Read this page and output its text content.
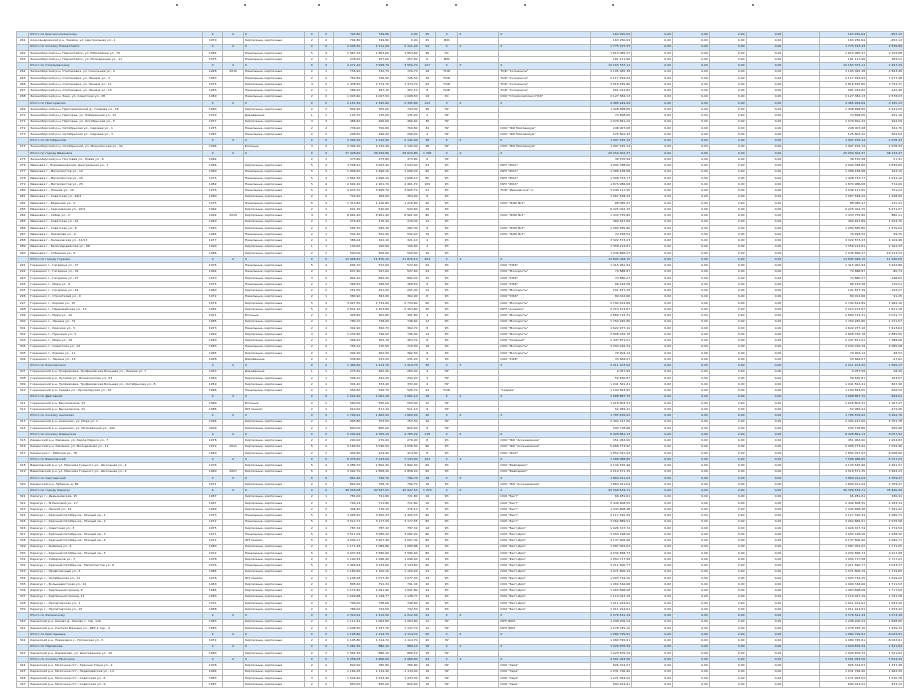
	Итого по Красносопкинскому	X	X	X	X	X	792,80	749,80	0,00	45	X	X	X	163 250,64	0,00	0,00	0,00	0,00		163 250,64	-653,12
261	Александровский р-н, Заимка, ул. Центральная ул., 1	1970		Кирпичные, кирпичные	2	2	792,80	749,80	0,00	45	МЖ			163 250,64	0,00	0,00	0,00	0,00		163 250,64	-653,12
	Итого по поселку Новоалтайск	X	X	X	X	X	2 245,30	2 111,20	2 111,20	54	X	X	X	1 775 197,33	0,00	0,00	0,00	0,00		1 775 197,33	2 535,89
262	Зеленоборский р-н, Новоалтайск, ул. Юбилейная ул., 76	1982		Панельные, кирпичные	5	4	1 967,10	1 853,60	1 853,60	48	ЭС			1 614 085,37	0,00	0,00	0,00	0,00		1 614 085,37	2 152,88
263	Зеленоборский р-н, Новоалтайск, ул. Молодежная ул., 11	1975		Панельные, кирпичные	2	1	278,20	257,60	257,60	6	МЖ			161 111,96	0,00	0,00	0,00	0,00		161 111,96	383,01
	Итого по Степановскому	X	X	X	X	X	4 271,20	3 958,70	3 559,70	127	X	X	X	10 163 337,11	0,00	0,00	0,00	0,00		10 163 337,11	2 497,34
264	Зеленоборский р-н, Степановка, ул. Сокольная ул., 4	1948	2010	Панельные, кирпичные	2	1	756,90	720,70	720,70	16	ТСЖ		ТСЖ "Солнечное"	2 195 065,38	0,00	0,00	0,00	0,00		2 195 065,38	2 893,48
265	Зеленоборский р-н, Степановка, ул. Ленина ул., 3	1963		Панельные, кирпичные	2	2	752,80	726,50	726,50	16	ТСЖ		ТСЖ "Солнечное"	2 117 294,93	0,00	0,00	0,00	0,00		2 117 294,93	1 277,48
266	Зеленоборский р-н, Степановка, ул. Ленина ул., 11	1975		Кирпичные, кирпичные	4	3	1 438,50	1 374,70	1 374,70	64	ТСЖ		ТСЖ "Солнечное"	3 816 595,80	0,00	0,00	0,00	0,00		3 816 595,80	3 752,37
267	Зеленоборский р-н, Степановка, ул. Ленина ул., 15	1963		Панельные, кирпичные	2	1	386,20	367,10	367,10	8	ТСЖ		ТСЖ "Солнечное"	901 012,82	0,00	0,00	0,00	0,00		901 012,82	-122,46
268	Зеленоборский р-н, Заня, ул. Советская ул., 28	1980		Панельные, кирпичные	2	2	1 003,60	1 007,50	1 008,50	16	ЭС		ООО "Стройкомплекс-НСК"	2 127 382,13	0,00	0,00	0,00	0,00		2 127 382,13	2 578,03
	Итого по Пригоряково	X	X	X	X	X	2 151,50	2 395,60	2 395,60	122	X	X	X	4 485 929,09	0,00	0,00	0,00	0,00		4 485 929,09	-3 325,13
269	Зеленоборский р-н, Пригоряковский д., Главная ул., 18	1980		Кирпичные, кирпичные	2	2	802,90	765,00	744,00	48	НУ			1 408 898,85	0,00	0,00	0,00	0,00		1 408 898,85	2 441,09
270	Зеленоборский р-н, Пригорье, ул. Набережная ул., 13	1979		Деревянные	1	1	124,70	135,00	135,00	2	НУ			74 898,65	0,00	0,00	0,00	0,00		74 898,65	-341,19
271	Зеленоборский р-н, Пригорье, ул. Октябрьская ул., 5	1977		Кирпичные, кирпичные	3	3	486,60	466,60	466,60	36	НУ			1 079 661,24	0,00	0,00	0,00	0,00		1 079 661,24	942,59
272	Зеленоборский р-н, Октябрьская ул., Садовая ул., 1	1975		Панельные, кирпичные	2	2	736,90	700,80	700,80	32	НУ		ООО "ЖК Миллениум"	248 007,08	0,00	0,00	0,00	0,00		248 007,08	322,76
273	Зеленоборский р-н, Октябрьская ул., Садовая ул., 3	1987		Панельные, кирпичные	2	2	298,50	296,20	296,20	4	НУ		ООО "ЖК Миллениум"	125 802,42	0,00	0,00	0,00	0,00		125 802,42	502,64
	Итого по Октябрьским	X	X	X	X	X	2 394,20	2 142,40	2 142,40	38	X	X	X	1 997 225,14	0,00	0,00	0,00	0,00		1 997 225,14	-1 978,43
274	Зеленоборский р-н, Октябрьский, ул. Минусинская ул., 3а	1996		Блочные	3	3	2 394,20	2 142,40	2 142,40	38	НУ		ООО "ЖК Миллениум"	1 997 225,14	0,00	0,00	0,00	0,00		1 997 225,14	-1 978,43
	Итого по городу Ивановка	X	X	X	X	X	37 428,60	36 634,80	36 634,80	1 394	X	X	X	26 059 302,37	0,00	0,00	0,00	0,00		26 059 302,37	48 133,47
275	Зеленоборский р-н, Почтовая ул., Новая ул., 6	1982			2	1	373,80	373,80	373,80	6	НУ			38 570,58	0,00	0,00	0,00	0,00		38 570,58	57,41
276	Ивановка г. Новоивановский, Центральная ул., 1	1966		Кирпичные, кирпичные	5	4	3 508,10	3 043,40	3 043,40	64	УК		МУП "ЖКХ"	4 990 788,60	0,00	0,00	0,00	0,00		4 990 788,60	3 835,65
277	Ивановка г., Металлистов ул., 12	1980		Панельные, кирпичные	5	4	1 808,20	1 696,20	1 696,20	80	УК		МУП "ЖКХ"	1 388 438,98	0,00	0,00	0,00	0,00		1 388 438,98	322,15
278	Ивановка г., Металлистов ул., 16	1975		Панельные, кирпичные	5	4	1 861,50	1 696,10	1 696,10	80	УК		МУП "ЖКХ"	1 408 723,77	0,00	0,00	0,00	0,00		1 408 723,77	1 012,10
279	Ивановка г., Металлистов ул., 25	1982		Панельные, кирпичные	5	4	2 692,20	2 461,70	2 461,70	100	УК		МУП "ЖКХ"	1 874 986,08	0,00	0,00	0,00	0,00		1 874 986,08	572,60
280	Ивановка г., Ленина ул., 10	1976		Панельные, кирпичные	5	4	4 033,70	3 895,70	3 895,70	21	УК		ТСЖ "Ивановское" сс	3 049 111,95	0,00	0,00	0,00	0,00		3 049 111,95	751,24
281	Ивановка г., Советская ул., 46/2	1980		Кирпичные, кирпичные	2	2	722,60	364,00	364,00	8	УК			1 067 548,22	0,00	0,00	0,00	0,00		1 067 548,22	1 298,94
282	Ивановка г., Баранова ул., 5	1975		Панельные, кирпичные	5	4	1 313,80	1 216,80	1 216,80	40	УК		ООО "ЖЭК №3"	88 085,47	0,00	0,00	0,00	0,00		88 085,47	-131,41
283	Ивановка г., Сергиевская ул., 10/3	1962		Кирпичные, кирпичные	2	1	621,30	520,60	520,60	16	УК			6 225 022,15	0,00	0,00	0,00	0,00		6 225 022,15	6 471,07
284	Ивановка г., Сибир ул., 2	1992	2010	Кирпичные, кирпичные	4	2	8 961,40	8 961,40	8 961,40	80	УК		ООО "ЖЭК №3"	1 433 755,80	0,00	0,00	0,00	0,00		1 433 755,80	880,11
285	Ивановка г., Советская ул., 42	1960		Кирпичные, кирпичные	2	1	276,40	276,40	276,40	14	УК			469 627,89	0,00	0,00	0,00	0,00		469 627,89	1 224,70
286	Ивановка г., Советская ул., 8	1963		Кирпичные, кирпичные	2	2	282,30	282,30	282,30	8	УК		ООО "ЖЭК №3"	1 260 585,80	0,00	0,00	0,00	0,00		1 260 585,80	-1 479,09
287	Ивановка г., Нахимова ул., 9	1964		Панельные, кирпичные	2	1	502,40	502,40	502,40	16	УК		ООО "ЖЭК №3"	79 298,52	0,00	0,00	0,00	0,00		79 298,52	99,35
288	Ивановка г., Калиновская ул., 12/13	1977		Панельные, кирпичные	2	1	386,02	321,10	321,10	4	УК			3 322 573,23	0,00	0,00	0,00	0,00		3 322 573,23	4 104,98
289	Ивановка г., Белогвардейская ул., 88	1990		Кирпичные, кирпичные	1	1	100,60	100,60	100,60	2	УК			1 358 214,81	0,00	0,00	0,00	0,00		1 358 214,81	2 164,43
290	Ивановка г., Соборная ул., 6	1986		Кирпичные, кирпичные	2	1	500,00	500,00	500,00	16	УК			1 036 896,27	0,00	0,00	0,00	0,00		1 036 896,27	-18 123,23
	Итого по городу Горенки	X	X	X	X	X	12 906,20	11 870,10	11 870,10	254	X	X	X	13 895 048,15	0,00	0,00	0,00	0,00		13 895 048,15	11 240,05
291	Горенинск г., Гагарина ул., 37	1975		Панельные, кирпичные	5	4	604,70	572,60	572,60	20	УК		ООО "УЖК"	1 415 061,94	0,00	0,00	0,00	0,00		1 415 061,94	3 442,86
292	Горенинск г., Гагарина ул., 39	1964		Панельные, кирпичные	2	1	647,60	597,60	597,60	24	УК		ООО "Молодость"	70 888,87	0,00	0,00	0,00	0,00		70 888,87	-80,74
293	Горенинск г., Гагарина ул., 27	1970		Кирпичные, кирпичные	3	3	892,20	892,20	892,20	32	УК		ООО "УЖК"	73 880,27	0,00	0,00	0,00	0,00		73 880,27	-198,63
294	Горенинск г., Мира ул., 6	1975		Панельные, кирпичные	2	1	366,50	366,50	366,50	8	УК		ООО "УЖК"	68 242,58	0,00	0,00	0,00	0,00		68 242,58	115,51
295	Горенинск г., Гагарина ул., 44	1960		Кирпичные, кирпичные	2	2	251,00	251,00	251,00	12	УК		ООО "Молодость"	101 877,39	0,00	0,00	0,00	0,00		101 877,39	-153,27
296	Горенинск г., Строителей ул., 9	1972		Панельные, кирпичные	2	1	380,90	362,90	362,90	8	УК		ООО "УЖК"	80 012,66	0,00	0,00	0,00	0,00		80 012,66	91,25
297	Горенинск г., Кирова ул., 15	1976		Кирпичные, кирпичные	5	4	3 027,50	2 734,60	2 734,60	60	УК		ООО "Молодость"	2 794 614,89	0,00	0,00	0,00	0,00		2 794 614,89	1 982,16
298	Горенинск г., Первомайская ул., 13	1982		Кирпичные, кирпичные	5	4	2 641,10	2 453,80	2 453,80	40	УК		МУП "Аскемен"	2 214 473,87	0,00	0,00	0,00	0,00		2 214 473,87	1 811,18
299	Горенинск г., Мира ул., 10	1971		Блочные	2	1	405,60	361,80	361,80	4	УК		ООО "Молодость"	2 869 712,31	0,00	0,00	0,00	0,00		2 869 712,31	3 011,77
300	Горенинск г., Ленина ул., 31	1985		Кирпичные, кирпичные	2	1	780,70	748,60	748,60	12	УК		ООО "Молодость"	1 764 945,80	0,00	0,00	0,00	0,00		1 764 945,80	1 271,57
301	Горенинск г., Красина ул., 5	1973		Панельные, кирпичные	2	1	391,90	362,70	362,70	8	УК		ООО "Молодость"	1 622 977,10	0,00	0,00	0,00	0,00		1 622 977,10	7 413,63
302	Горенинск г., Пушкина ул., 5	1969		Кирпичные, кирпичные	3	2	1 232,80	796,00	796,00	14	УК		ООО "Молодость"	2 808 032,78	0,00	0,00	0,00	0,00		2 808 032,78	2 885,65
303	Горенинск г., Мира ул., 18	1960		Кирпичные, кирпичные	2	1	396,50	363,70	363,70	8	УК		ООО "Зеленый"	2 447 871,01	0,00	0,00	0,00	0,00		2 447 871,01	7 188,06
304	Горенинск г., Советская ул., 13	1983		Панельные, кирпичные	2	2	755,10	710,50	710,50	16	УК		ООО "Молодость"	3 204 016,34	0,00	0,00	0,00	0,00		3 204 016,34	4 085,08
305	Горенинск г., Кирова ул., 11	1965		Кирпичные, кирпичные	2	1	392,40	362,50	362,50	8	УК		ООО "Молодость"	79 904,14	0,00	0,00	0,00	0,00		79 904,14	-48,54
306	Горенинск г., Ленина ул., 15	1958		Деревянные	2	1	338,60	231,20	231,20	6	УК		ООО "УЖК"	33 684,07	0,00	0,00	0,00	0,00		33 684,07	-27,62
	Итого по Комсомольск	X	X	X	X	X	1 484,60	1 414,70	1 414,70	36	X	X	X	2 211 103,92	0,00	0,00	0,00	0,00		2 211 103,92	1 595,17
307	Горенинский р-н, Трофимовка, Трофимовская Большая ул., Ленина ул. 7	1953		Деревянные	1	1	275,60	262,40	262,40	4	НУ			9 057,99	0,00	0,00	0,00	0,00		9 057,99	28,40
308	Горенинский р-н, Луговая ул., Вознесенская ул., 63	1960		Кирпичные, кирпичные	2	1	308,10	292,20	292,20	4	НУ			59 630,87	0,00	0,00	0,00	0,00		59 630,87	103,07
309	Горенинский р-н, Трофимовка, Трофимовская Большая ул., Октябрьская ул., 8	1959		Кирпичные, кирпичные	2	1	344,40	333,40	333,40	4	НУ			1 041 591,41	0,00	0,00	0,00	0,00		1 041 591,41	847,36
310	Горенинский р-н, Седова ул., Пролетарская ул., 34	1966		Панельные, кирпичные	2	1	556,50	526,70	526,70	24	ТСЖ		"Седова"	1 100 823,65	0,00	0,00	0,00	0,00		1 100 823,65	616,34
	Итого по Двиговкам	X	X	X	X	X	1 222,40	1 061,10	1 061,10	18	X	X	X	1 068 887,72	0,00	0,00	0,00	0,00		1 068 887,72	694,01
311	Горенинский р-н, Высоковские, 23	1980		Блочные	2	1	560,00	550,00	550,00	12	НУ			1 016 803,31	0,00	0,00	0,00	0,00		1 016 803,31	1 167,47
312	Горенинский р-н, Высоковские, 21	1986		ЖЗ панели	2	1	610,00	511,10	511,10	6	НУ			52 084,41	0,00	0,00	0,00	0,00		52 084,41	-473,46
	Итого по поселку Аничково	X	X	X	X	X	1 790,41	1 800,50	1 800,50	30	X	X	X	1 785 876,02	0,00	0,00	0,00	0,00		1 785 876,02	5 262,76
313	Горенинский р-н, Аничково, ул. Мира ул. 1	1996		Кирпичные, кирпичные	2	1	995,80	753,50	753,50	16	НУ			2 494 147,06	0,00	0,00	0,00	0,00		2 494 147,06	4 761,78
314	Горенинский р-н, Аничково, ул. Молодёжная ул., 19А	2009		Кирпичные, кирпичные	2	1	800,00	800,00	800,00	8	НУ			294 718,86	0,00	0,00	0,00	0,00		294 718,86	500,98
	Итого по поселку Каменское	X	X	X	X	X	5 202,69	4 765,29	4 765,29	118	X	X	X	8 428 861,13	0,00	0,00	0,00	0,00		8 428 861,13	8 057,52
315	Каменский р-н, Каменка, ул. Карла Маркса ул., 7	1978		Кирпичные, кирпичные	2	2	290,00	270,00	270,00	8	УК		ООО "ЖК "Аскенемение"	451 063,00	0,00	0,00	0,00	0,00		451 063,00	1 204,83
316	Каменский р-н, Каменка, ул. Молодежная ул., 11	1972	2011	Кирпичные, кирпичные	5	4	3 169,50	3 036,50	3 036,50	80	УК		ООО "ЖК "Аскенемение"	5 968 773,92	0,00	0,00	0,00	0,00		5 968 773,92	7 032,96
317	Каменское г., Рабочая ул., 78	1960		Кирпичные, кирпичные	2	1	442,60	414,90	414,90	8	УК		ООО "ЖСУ"	1 852 037,93	0,00	0,00	0,00	0,00		1 852 037,93	-6 008,90
	Итого по Вавиловский	X	X	X	X	X	8 076,50	7 143,00	7 143,00	152	X	X	X	7 568 988,85	0,00	0,00	0,00	0,00		7 568 988,85	6 757,23
318	Вавиловский р-н, ул. Максима Горького ул., Школьная ул., 2	1976		Кирпичные, кирпичные	5	4	3 086,70	2 892,40	2 892,40	60	УК		ООО "ВавСервис"	2 134 525,96	0,00	0,00	0,00	0,00		2 134 525,96	2 461,57
319	Вавиловский р-н, ул. Максима Горького ул., Школьная ул., 4	1980	2007	Кирпичные, кирпичные	5	4	3 092,70	2 858,20	2 858,20	60	УК		ООО "ВавСервис"	4 519 571,35	0,00	0,00	0,00	0,00		4 519 571,35	3 562,23
	Итого по Сергиевский	X	X	X	X	X	861,60	796,70	796,70	16	X	X	X	1 860 911,04	0,00	0,00	0,00	0,00		1 860 911,04	2 359,47
320	Каменский р-н, Лубянка, д. 86	1971		Кирпичные, кирпичные	2	2	861,60	796,70	796,70	16	УК		ООО "ЖК "Аскенемение"	1 860 911,04	0,00	0,00	0,00	0,00		1 860 911,04	2 359,47
	Итого по городу Карасук	X	X	X	X	X	46 518,08	40 947,53	40 947,53	1 070	X	X	X	40 309 679,71	0,00	0,00	0,00	0,00		40 309 679,71	35 840,08
321	Карасук г., Демьяновская, 15	1967		Кирпичные, кирпичные	2	1	781,00	721,80	721,80	16	УК		ООО "Бест"	66 281,61	0,00	0,00	0,00	0,00		66 281,61	180,41
322	Карасук г., М.Рыжовой ул., 17	1967		Кирпичные, кирпичные	2	1	790,14	711,80	711,80	16	УК		ООО "Бест"	2 440 608,55	0,00	0,00	0,00	0,00		2 440 608,55	4 183,34
323	Карасук г., Лесной ул., 14	1969		Кирпичные, кирпичные	2	2	396,40	376,10	376,10	8	УК		ООО "Бест"	1 443 898,48	0,00	0,00	0,00	0,00		1 443 898,48	7 391,42
324	Карасук г., Красный Октябрь кв., Южный кв., 1	1973		Панельные, кирпичные	5	4	3 965,20	3 405,33	3 405,33	80	УК		ООО "Бест"	4 117 310,34	0,00	0,00	0,00	0,00		4 117 310,34	4 280,71
325	Карасук г., Красный Октябрь кв., Южный кв., 2	1972		Панельные, кирпичные	5	4	3 512,77	3 177,55	3 177,55	80	УК		ООО "Бест"	3 062 889,51	0,00	0,00	0,00	0,00		3 062 889,51	2 975,58
326	Карасук г., Советская ул., 3	1975		Кирпичные, кирпичные	2	1	787,32	787,32	787,32	16	УК		ООО "Бест-Дом"	1 026 317,74	0,00	0,00	0,00	0,00		1 026 317,74	1 774,59
327	Карасук г., Красный Октябрь кв., Южный кв., 3	1971		Панельные, кирпичные	5	4	3 511,09	3 082,20	3 082,20	80	УК		ООО "Бест-Дом"	3 054 198,06	0,00	0,00	0,00	0,00		3 054 198,06	2 938,42
328	Карасук г., Красный Октябрь кв., Южный кв., 4	1972		ЖЗ панели	5	4	4 039,17	3 607,30	3 607,30	80	УК		ООО "Бест-Дом"	4 137 606,90	0,00	0,00	0,00	0,00		4 137 606,90	4 280,71
329	Карасук г., Рыбкина ул., 5	1980		Кирпичные, кирпичные	2	2	1 171,48	1 089,86	1 089,86	24	УК		ООО "Бест-Дом"	1 087 052,02	0,00	0,00	0,00	0,00		1 087 052,02	1 771,05
330	Карасук г., Красный Октябрь кв., Южный кв., 5	1972		Панельные, кирпичные	5	4	4 037,56	3 580,60	3 580,60	80	УК		ООО "Бест-Дом"	4 032 898,73	0,00	0,00	0,00	0,00		4 032 898,73	3 917,08
331	Карасук г., Сибиряков ул., 7	1978		Кирпичные, кирпичные	2	2	1 190,32	1 096,40	1 096,40	24	УК		ООО "Бест-Дом"	1 054 717,58	0,00	0,00	0,00	0,00		1 054 717,58	1 717,03
332	Карасук г., Красный Октябрь кв., Металлистов ул., 6	1976		Панельные, кирпичные	5	4	3 496,64	3 134,60	3 134,60	80	УК		ООО "Бест-Дом"	3 211 590,77	0,00	0,00	0,00	0,00		3 211 590,77	3 033,37
333	Карасук г., Профсоюзный ул., 3	1985		Кирпичные, кирпичные	2	2	1 180,90	1 100,20	1 100,20	24	УК		ООО "Бест-Дом"	1 071 806,19	0,00	0,00	0,00	0,00		1 071 806,19	1 719,65
334	Карасук г., Октябрьская ул., 11	1978		ЖЗ панели	2	1	1 148,28	1 077,30	1 077,30	24	УК		ООО "Бест-Дом"	1 003 734,25	0,00	0,00	0,00	0,00		1 003 734,25	1 619,22
335	Карасук г., Большевистская ул., 12	1963		Кирпичные, кирпичные	2	2	895,60	791,34	791,34	16	УК		ООО "Бест-Дом"	1 060 316,66	0,00	0,00	0,00	0,00		1 060 316,66	1 711,53
336	Карасук г., Кирпичный проезд, 8	1984		Кирпичные, кирпичные	2	2	1 172,60	1 091,80	1 091,80	24	УК		ООО "Бест-Дом"	1 063 898,08	0,00	0,00	0,00	0,00		1 063 898,08	1 717,69
337	Карасук г., Кирпичный проезд, 12	1983		Кирпичные, кирпичные	2	2	1 209,88	1 148,77	1 148,77	24	УК		ООО "Бест-Дом"	1 110 027,19	0,00	0,00	0,00	0,00		1 110 027,19	1 791,26
338	Карасук г., Пролетарская ул., 1	1972		Кирпичные, кирпичные	2	2	796,00	748,60	748,60	16	УК		ООО "Бест-Дом"	1 011 914,61	0,00	0,00	0,00	0,00		1 011 914,61	1 633,42
339	Карасук г., Пролетарская ул., 15	1968		Кирпичные, кирпичные	2	2	786,00	742,50	742,50	16	УК		ООО "Бест-Дом"	1 011 914,61	0,00	0,00	0,00	0,00		1 011 914,61	1 633,42
	Итого по Филинскому	X	X	X	X	X	2 319,91	2 212,50	2 212,50	24	X	X	X	2 576 541,34	0,00	0,00	0,00	0,00		2 576 541,34	3 273,39
340	Каракский р-н, Каково д., Каково с. тер. 116	1983		Кирпичные, кирпичные	2	2	1 111,61	1 064,80	1 064,80	12	НУ		МУП ЖКХ	1 298 206,24	0,00	0,00	0,00	0,00		1 298 206,24	1 848,06
341	Каракский р-н, Учителя Малыша ул., ДРУ-1 тер., 4	1983		Кирпичные, кирпичные	2	2	1 208,30	1 147,70	1 147,70	12	НУ		МУП ЖКХ	1 278 335,10	0,00	0,00	0,00	0,00		1 278 335,10	1 425,33
	Итого по Кригорьевке	X	X	X	X	X	1 195,80	1 114,70	1 114,70	20	X	X	X	1 080 795,61	0,00	0,00	0,00	0,00		1 080 795,61	-8 023,91
342	Каракский р-н, Новиковка с., Поповская ул., 5	1972		Кирпичные, кирпичные	2	2	1 195,80	1 114,70	1 114,70	20	НУ			1 080 795,61	0,00	0,00	0,00	0,00		1 080 795,61	-8 023,91
	Итого по Пермякове	X	X	X	X	X	1 062,30	880,10	880,10	18	X	X	X	1 029 876,34	0,00	0,00	0,00	0,00		1 029 876,34	1 521,64
343	Каракский р-н, Пермяково, ул. Центральная ул., 10	1980		Кирпичные, кирпичные	2	2	1 062,30	880,10	880,10	18	НУ			1 029 876,34	0,00	0,00	0,00	0,00		1 029 876,34	1 521,64
	Итого по поселку Молочное	X	X	X	X	X	5 258,05	4 966,60	4 966,60	94	X	X	X	4 561 093,56	0,00	0,00	0,00	0,00		4 561 093,56	5 814,44
344	Каракский р-н, Молочное пгт., Красная Горка ул., 2	1978		Кирпичные, кирпичные	2	2	820,00	780,80	780,80	16	НУ		ООО "Заря"	826 314,07	0,00	0,00	0,00	0,00		826 314,07	1 337,38
345	Каракский р-н, Молочное пгт., Первомайская ул., 14	1984		Кирпичные, кирпичные	2	2	1 164,25	1 134,40	1 134,40	16	НУ		ООО "Заря"	1 031 796,90	0,00	0,00	0,00	0,00		1 031 796,90	1 662,59
346	Каракский р-н, Молочное пгт., Советская ул., 6	1983		Кирпичные, кирпичные	3	3	1 544,60	1 433,40	1 433,40	30	НУ		ООО "Заря"	1 271 993,02	0,00	0,00	0,00	0,00		1 271 993,02	1 510,78
347	Каракский р-н, Молочное пгт., Советская ул., 9	1987		Кирпичные, кирпичные	2	2	850,00	820,00	820,00	16	НУ		ООО "Заря"	694 014,91	0,00	0,00	0,00	0,00		694 014,91	813,13
